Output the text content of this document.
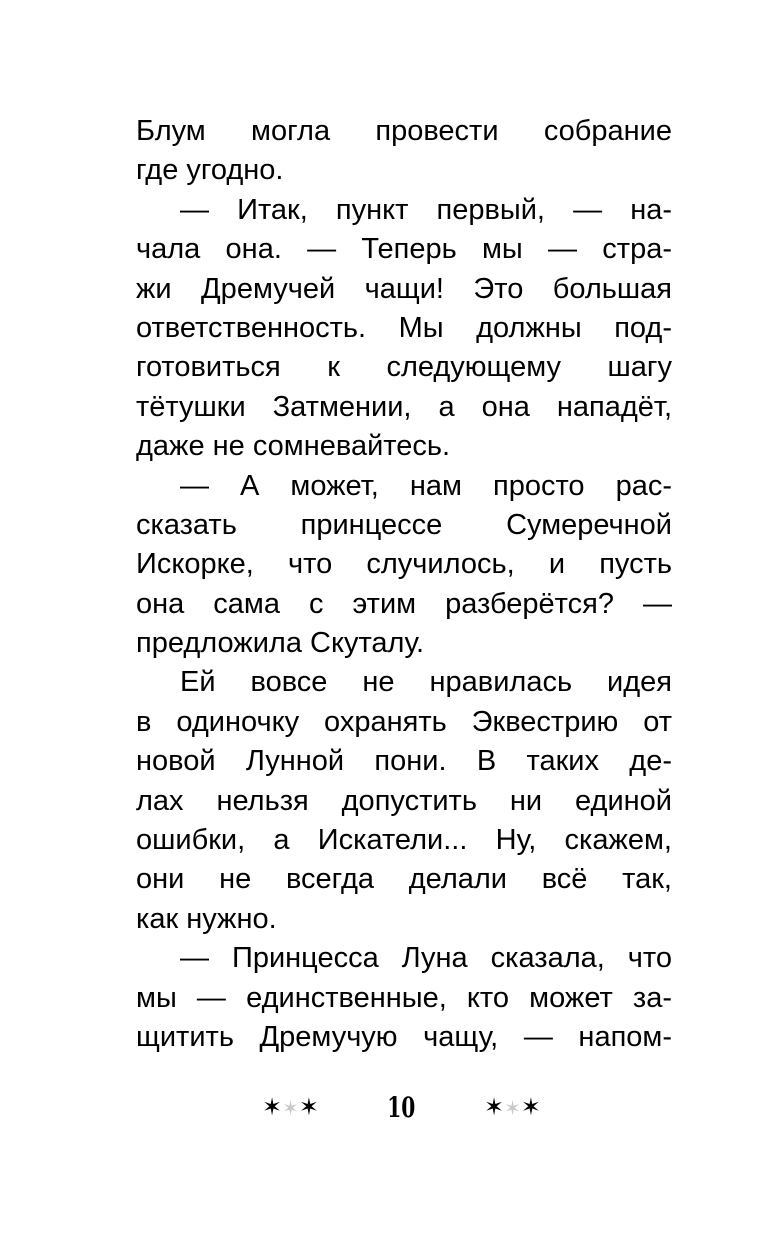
Блум могла провести собрание
где угодно.
— Итак, пункт первый, — на-
чала она. — Теперь мы — стра-
жи Дремучей чащи! Это большая
ответственность. Мы должны под-
готовиться к следующему шагу
тётушки Затмении, а она нападёт,
даже не сомневайтесь.
— А может, нам просто рас-
сказать принцессе Сумеречной
Искорке, что случилось, и пусть
она сама с этим разберётся? —
предложила Скуталу.
Ей вовсе не нравилась идея
в одиночку охранять Эквестрию от
новой Лунной пони. В таких де-
лах нельзя допустить ни единой
ошибки, а Искатели... Ну, скажем,
они не всегда делали всё так,
как нужно.
— Принцесса Луна сказала, что
мы — единственные, кто может за-
щитить Дремучую чащу, — напом-
✶✶✶ 10	✶✶✶
